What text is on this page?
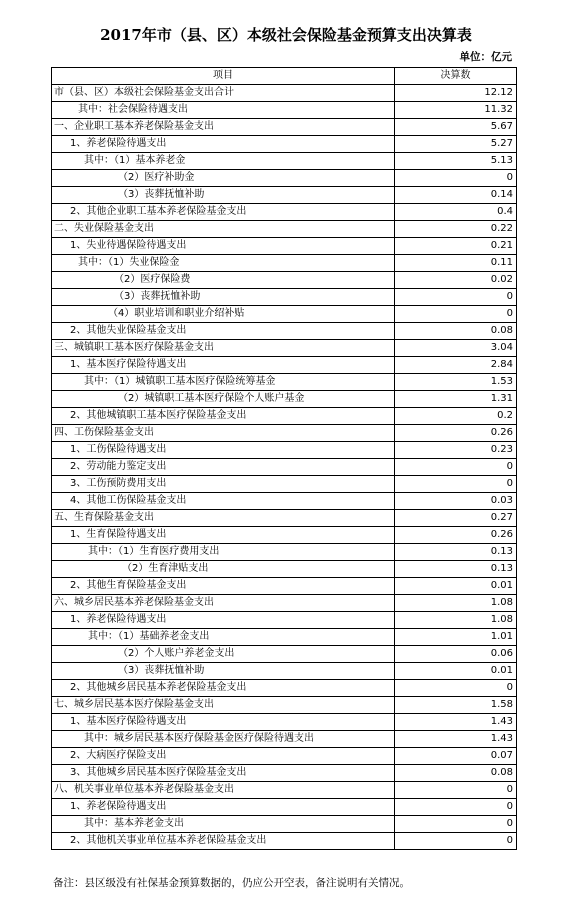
2017年市（县、区）本级社会保险基金预算支出决算表
单位：亿元
项目	决算数
市（县、区）本级社会保险基金支出合计	12.12
其中：社会保险待遇支出	11.32
一、企业职工基本养老保险基金支出	5.67
1、养老保险待遇支出	5.27
其中：（1）基本养老金	5.13
（2）医疗补助金	0
（3）丧葬抚恤补助	0.14
2、其他企业职工基本养老保险基金支出	0.4
二、失业保险基金支出	0.22
1、失业待遇保险待遇支出	0.21
其中：（1）失业保险金	0.11
（2）医疗保险费	0.02
（3）丧葬抚恤补助	0
（4）职业培训和职业介绍补贴	0
2、其他失业保险基金支出	0.08
三、城镇职工基本医疗保险基金支出	3.04
1、基本医疗保险待遇支出	2.84
其中：（1）城镇职工基本医疗保险统筹基金	1.53
（2）城镇职工基本医疗保险个人账户基金	1.31
2、其他城镇职工基本医疗保险基金支出	0.2
四、工伤保险基金支出	0.26
1、工伤保险待遇支出	0.23
2、劳动能力鉴定支出	0
3、工伤预防费用支出	0
4、其他工伤保险基金支出	0.03
五、生育保险基金支出	0.27
1、生育保险待遇支出	0.26
其中：（1）生育医疗费用支出	0.13
（2）生育津贴支出	0.13
2、其他生育保险基金支出	0.01
六、城乡居民基本养老保险基金支出	1.08
1、养老保险待遇支出	1.08
其中：（1）基础养老金支出	1.01
（2）个人账户养老金支出	0.06
（3）丧葬抚恤补助	0.01
2、其他城乡居民基本养老保险基金支出	0
七、城乡居民基本医疗保险基金支出	1.58
1、基本医疗保险待遇支出	1.43
其中：城乡居民基本医疗保险基金医疗保险待遇支出	1.43
2、大病医疗保险支出	0.07
3、其他城乡居民基本医疗保险基金支出	0.08
八、机关事业单位基本养老保险基金支出	0
1、养老保险待遇支出	0
其中：基本养老金支出	0
2、其他机关事业单位基本养老保险基金支出	0
备注：县区级没有社保基金预算数据的，仍应公开空表，备注说明有关情况。
